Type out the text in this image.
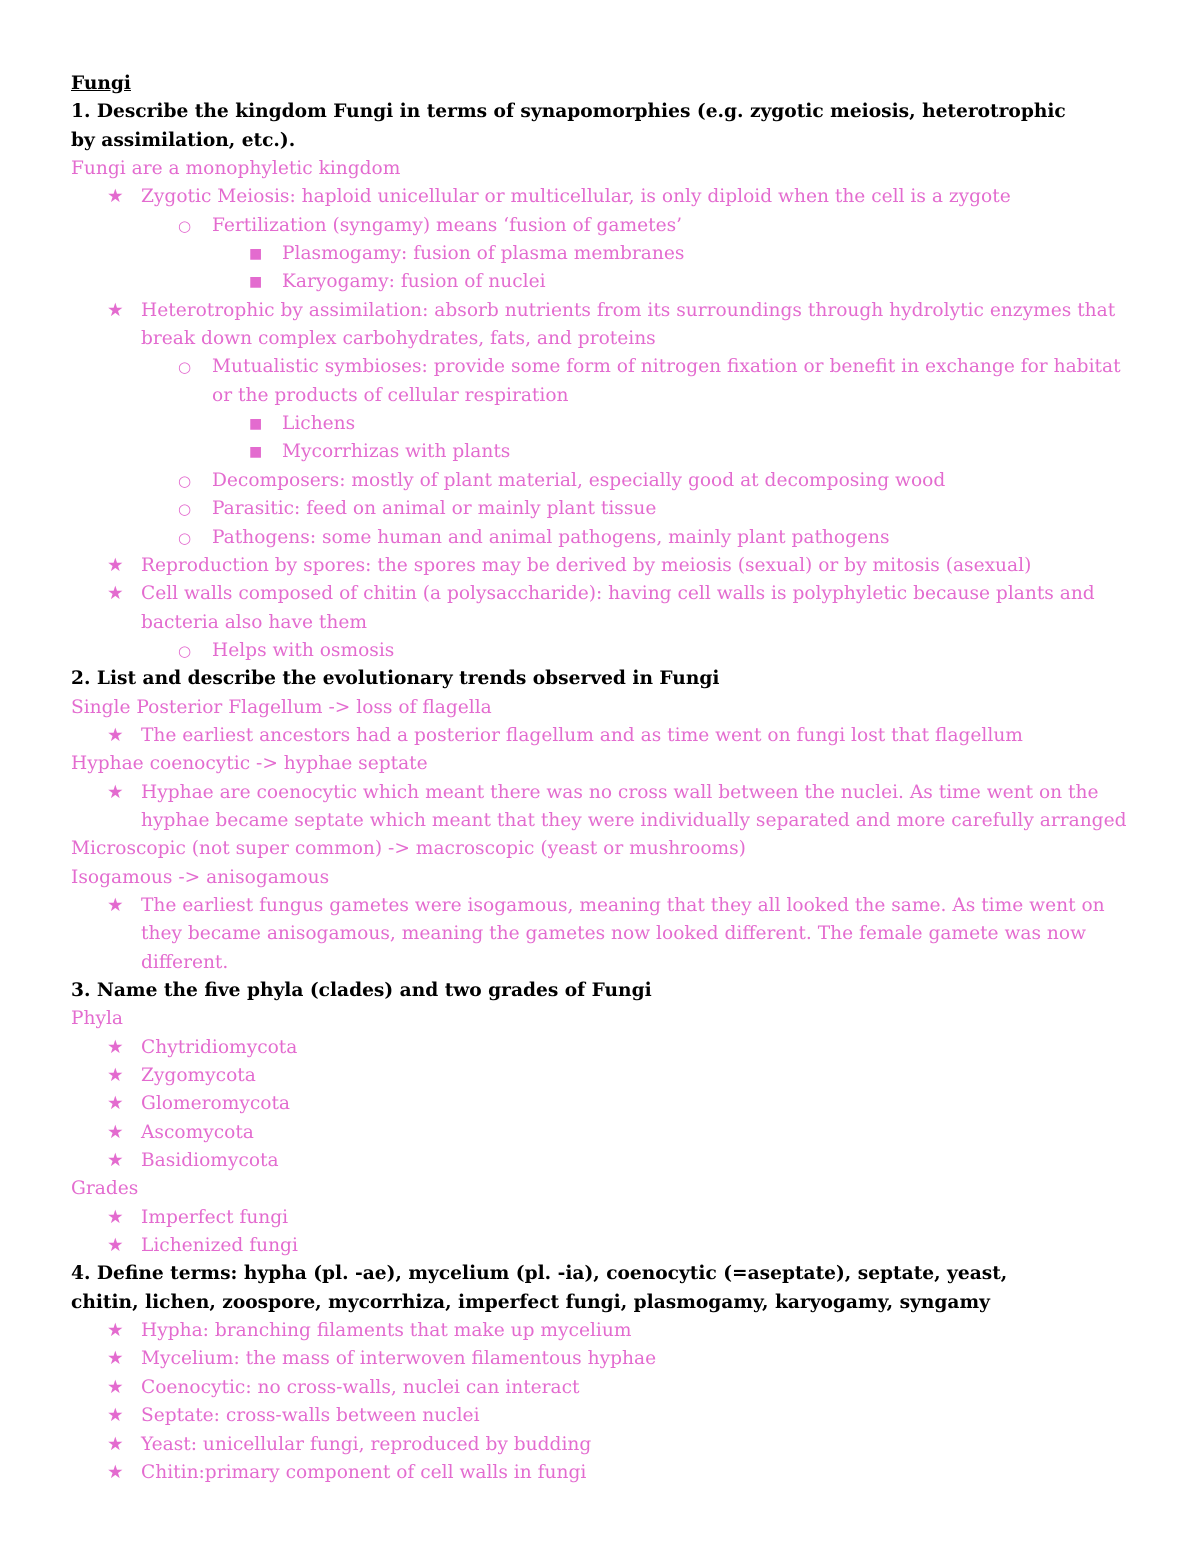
Fungi
1. Describe the kingdom Fungi in terms of synapomorphies (e.g. zygotic meiosis, heterotrophic
by assimilation, etc.).
Fungi are a monophyletic kingdom
★ Zygotic Meiosis: haploid unicellular or multicellular, is only diploid when the cell is a zygote
○ Fertilization (syngamy) means ‘fusion of gametes’
■ Plasmogamy: fusion of plasma membranes
■ Karyogamy: fusion of nuclei
★ Heterotrophic by assimilation: absorb nutrients from its surroundings through hydrolytic enzymes that
break down complex carbohydrates, fats, and proteins
○ Mutualistic symbioses: provide some form of nitrogen fixation or benefit in exchange for habitat
or the products of cellular respiration
■ Lichens
■ Mycorrhizas with plants
○ Decomposers: mostly of plant material, especially good at decomposing wood
○ Parasitic: feed on animal or mainly plant tissue
○ Pathogens: some human and animal pathogens, mainly plant pathogens
★ Reproduction by spores: the spores may be derived by meiosis (sexual) or by mitosis (asexual)
★ Cell walls composed of chitin (a polysaccharide): having cell walls is polyphyletic because plants and
bacteria also have them
○ Helps with osmosis
2. List and describe the evolutionary trends observed in Fungi
Single Posterior Flagellum -> loss of flagella
★ The earliest ancestors had a posterior flagellum and as time went on fungi lost that flagellum
Hyphae coenocytic -> hyphae septate
★ Hyphae are coenocytic which meant there was no cross wall between the nuclei. As time went on the
hyphae became septate which meant that they were individually separated and more carefully arranged
Microscopic (not super common) -> macroscopic (yeast or mushrooms)
Isogamous -> anisogamous
★ The earliest fungus gametes were isogamous, meaning that they all looked the same. As time went on
they became anisogamous, meaning the gametes now looked different. The female gamete was now
different.
3. Name the five phyla (clades) and two grades of Fungi
Phyla
★ Chytridiomycota
★ Zygomycota
★ Glomeromycota
★ Ascomycota
★ Basidiomycota
Grades
★ Imperfect fungi
★ Lichenized fungi
4. Define terms: hypha (pl. -ae), mycelium (pl. -ia), coenocytic (=aseptate), septate, yeast,
chitin, lichen, zoospore, mycorrhiza, imperfect fungi, plasmogamy, karyogamy, syngamy
★ Hypha: branching filaments that make up mycelium
★ Mycelium: the mass of interwoven filamentous hyphae
★ Coenocytic: no cross-walls, nuclei can interact
★ Septate: cross-walls between nuclei
★ Yeast: unicellular fungi, reproduced by budding
★ Chitin:primary component of cell walls in fungi
